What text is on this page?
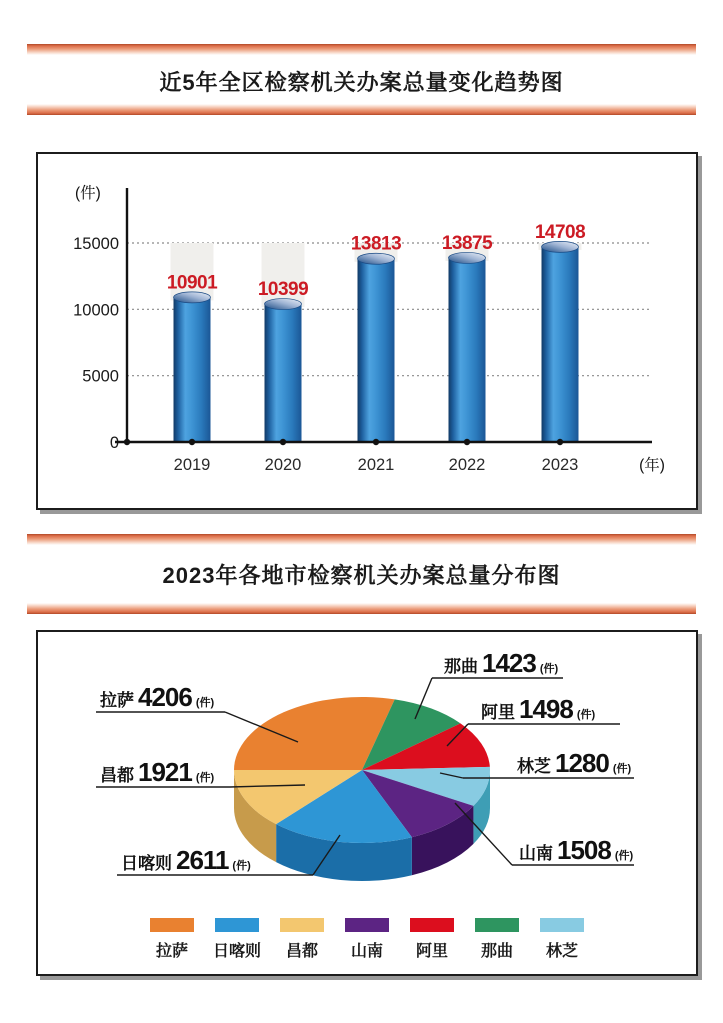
近5年全区检察机关办案总量变化趋势图
(件)
0
5000
10000
15000
10901 10399
13813 13875
14708
2019	2020	2021	2022	2023	(年)
2023年各地市检察机关办案总量分布图
拉萨 4206 (件)
那曲 1423 (件)
阿里 1498 (件)
林芝 1280 (件)
山南 1508 (件)
日喀则 2611 (件)
昌都 1921 (件)
拉萨 日喀则 昌都 山南 阿里 那曲 林芝
